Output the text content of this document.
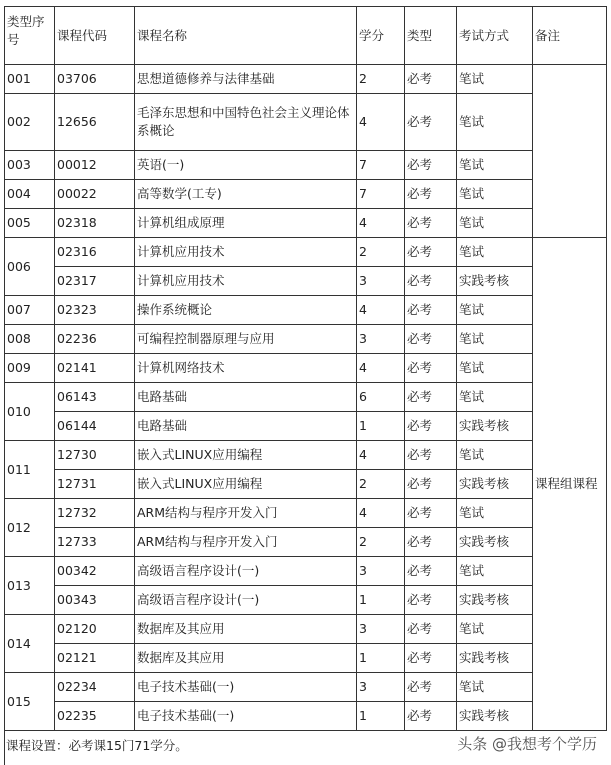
类型序号	课程代码	课程名称	学分	类型	考试方式	备注
001	03706	思想道德修养与法律基础	2	必考	笔试	
002	12656	毛泽东思想和中国特色社会主义理论体系概论	4	必考	笔试	
003	00012	英语(一)	7	必考	笔试	
004	00022	高等数学(工专)	7	必考	笔试	
005	02318	计算机组成原理	4	必考	笔试	
006	02316	计算机应用技术	2	必考	笔试	课程组课程
	02317	计算机应用技术	3	必考	实践考核	
007	02323	操作系统概论	4	必考	笔试	
008	02236	可编程控制器原理与应用	3	必考	笔试	
009	02141	计算机网络技术	4	必考	笔试	
010	06143	电路基础	6	必考	笔试	
	06144	电路基础	1	必考	实践考核	
011	12730	嵌入式LINUX应用编程	4	必考	笔试	
	12731	嵌入式LINUX应用编程	2	必考	实践考核	
012	12732	ARM结构与程序开发入门	4	必考	笔试	
	12733	ARM结构与程序开发入门	2	必考	实践考核	
013	00342	高级语言程序设计(一)	3	必考	笔试	
	00343	高级语言程序设计(一)	1	必考	实践考核	
014	02120	数据库及其应用	3	必考	笔试	
	02121	数据库及其应用	1	必考	实践考核	
015	02234	电子技术基础(一)	3	必考	笔试	
	02235	电子技术基础(一)	1	必考	实践考核	
课程设置：必考课15门71学分。	头条 @我想考个学历
